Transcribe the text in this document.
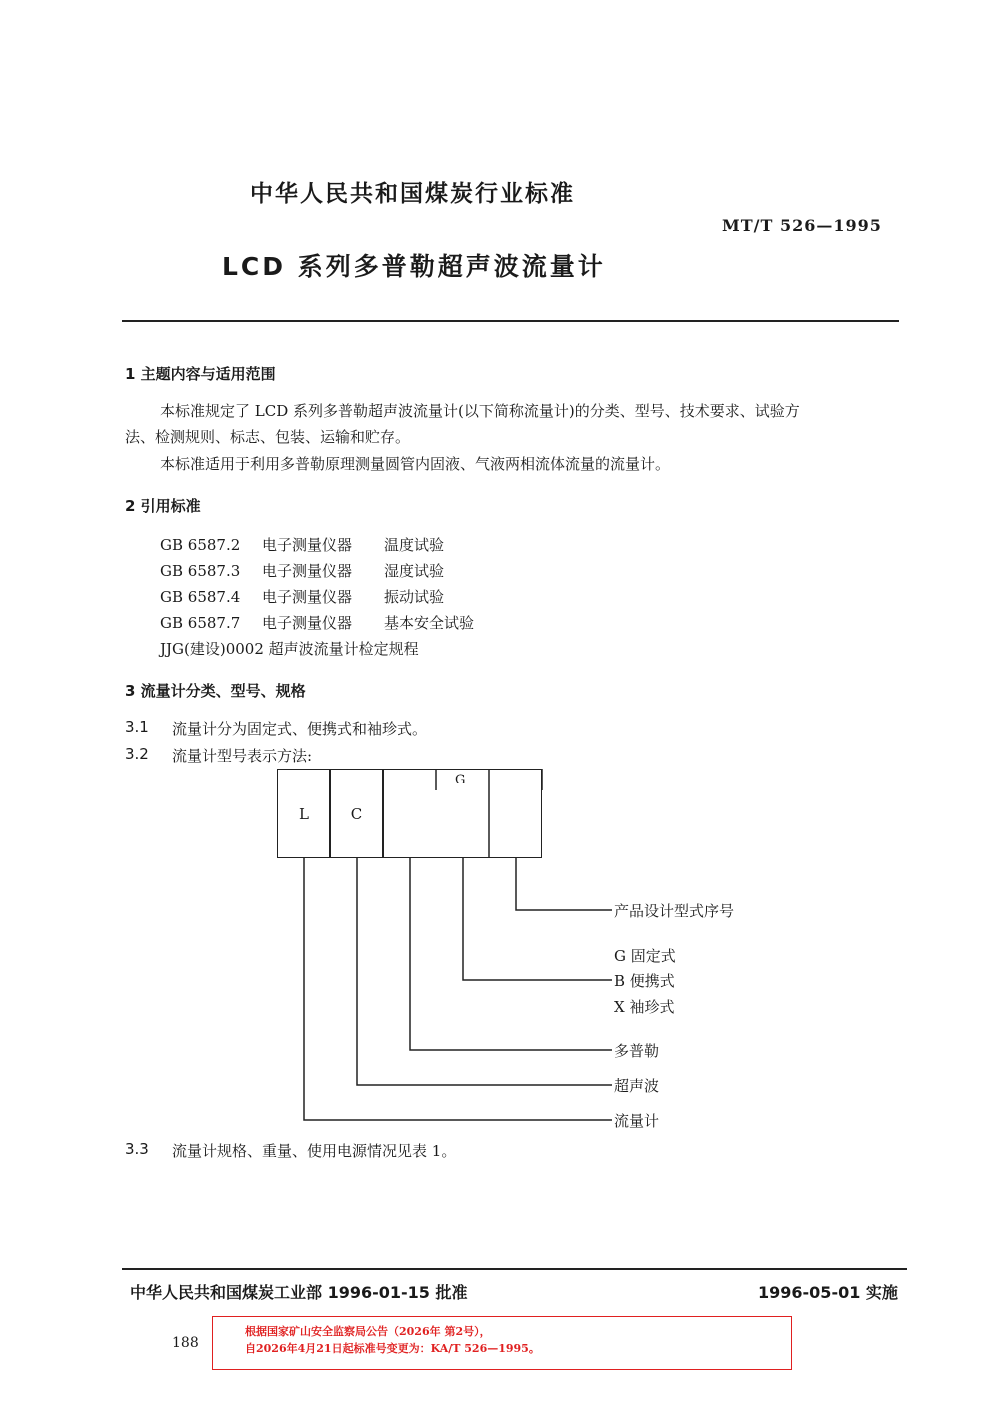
中华人民共和国煤炭行业标准
MT/T 526—1995
LCD 系列多普勒超声波流量计
1 主题内容与适用范围
本标准规定了 LCD 系列多普勒超声波流量计(以下简称流量计)的分类、型号、技术要求、试验方
法、检测规则、标志、包装、运输和贮存。
本标准适用于利用多普勒原理测量圆管内固液、气液两相流体流量的流量计。
2 引用标准
GB 6587.2 电子测量仪器 温度试验
GB 6587.3 电子测量仪器 湿度试验
GB 6587.4 电子测量仪器 振动试验
GB 6587.7 电子测量仪器 基本安全试验
JJG(建设)0002 超声波流量计检定规程
3 流量计分类、型号、规格
3.1 流量计分为固定式、便携式和袖珍式。
3.2 流量计型号表示方法:
L	C
G
产品设计型式序号
G 固定式
B 便携式
X 袖珍式
多普勒
超声波
流量计
3.3 流量计规格、重量、使用电源情况见表 1。
中华人民共和国煤炭工业部 1996-01-15 批准	1996-05-01 实施
188
根据国家矿山安全监察局公告（2026年 第2号），
自2026年4月21日起标准号变更为：KA/T 526—1995。
